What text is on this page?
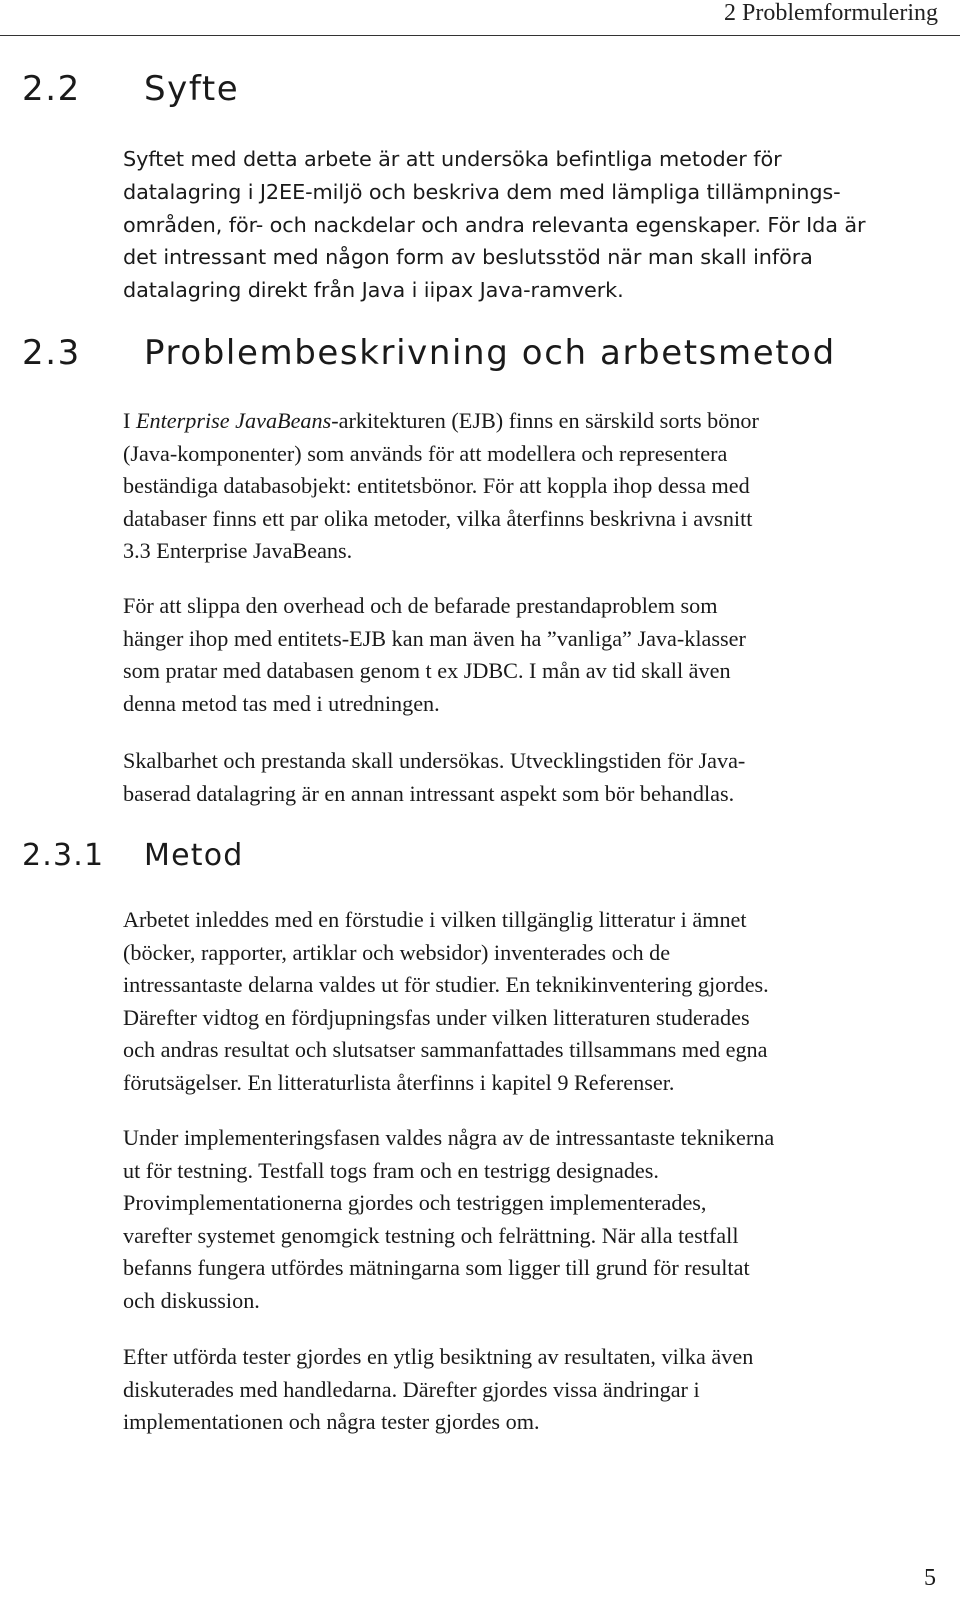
2 Problemformulering
2.2 Syfte

Syftet med detta arbete är att undersöka befintliga metoder för
datalagring i J2EE-miljö och beskriva dem med lämpliga tillämpnings-
områden, för- och nackdelar och andra relevanta egenskaper. För Ida är
det intressant med någon form av beslutsstöd när man skall införa
datalagring direkt från Java i iipax Java-ramverk.

2.3 Problembeskrivning och arbetsmetod

I Enterprise JavaBeans-arkitekturen (EJB) finns en särskild sorts bönor
(Java-komponenter) som används för att modellera och representera
beständiga databasobjekt: entitetsbönor. För att koppla ihop dessa med
databaser finns ett par olika metoder, vilka återfinns beskrivna i avsnitt
3.3 Enterprise JavaBeans.

För att slippa den overhead och de befarade prestandaproblem som
hänger ihop med entitets-EJB kan man även ha ”vanliga” Java-klasser
som pratar med databasen genom t ex JDBC. I mån av tid skall även
denna metod tas med i utredningen.

Skalbarhet och prestanda skall undersökas. Utvecklingstiden för Java-
baserad datalagring är en annan intressant aspekt som bör behandlas.

2.3.1 Metod

Arbetet inleddes med en förstudie i vilken tillgänglig litteratur i ämnet
(böcker, rapporter, artiklar och websidor) inventerades och de
intressantaste delarna valdes ut för studier. En teknikinventering gjordes.
Därefter vidtog en fördjupningsfas under vilken litteraturen studerades
och andras resultat och slutsatser sammanfattades tillsammans med egna
förutsägelser. En litteraturlista återfinns i kapitel 9 Referenser.

Under implementeringsfasen valdes några av de intressantaste teknikerna
ut för testning. Testfall togs fram och en testrigg designades.
Provimplementationerna gjordes och testriggen implementerades,
varefter systemet genomgick testning och felrättning. När alla testfall
befanns fungera utfördes mätningarna som ligger till grund för resultat
och diskussion.

Efter utförda tester gjordes en ytlig besiktning av resultaten, vilka även
diskuterades med handledarna. Därefter gjordes vissa ändringar i
implementationen och några tester gjordes om.

5
